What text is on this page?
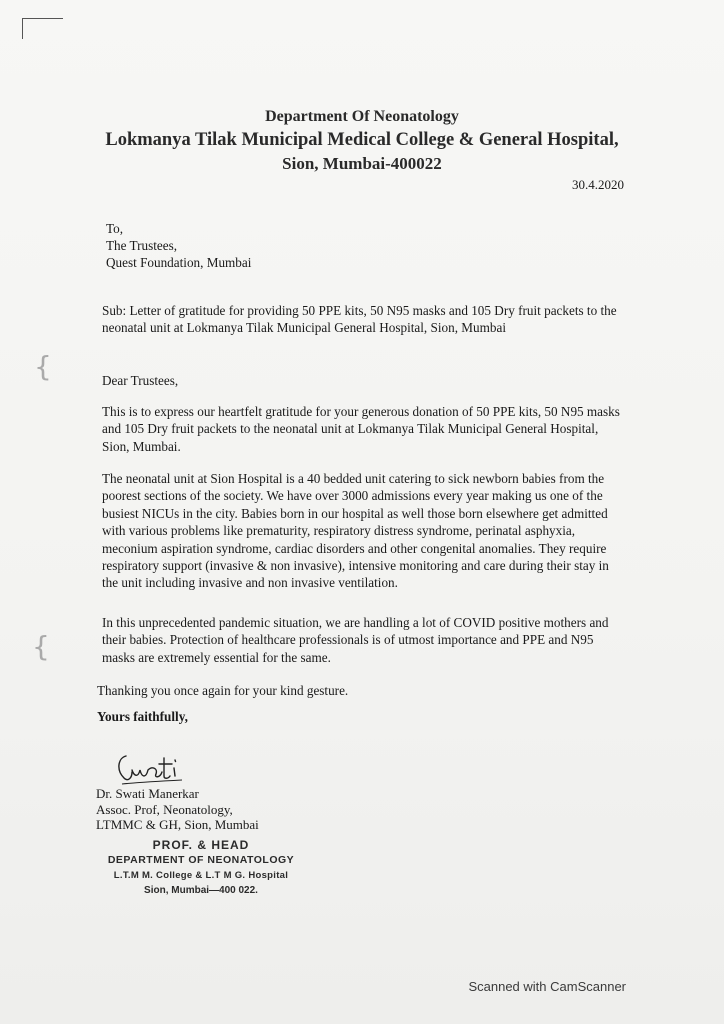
{
{
Department Of Neonatology
Lokmanya Tilak Municipal Medical College & General Hospital,
Sion, Mumbai-400022
30.4.2020
To,
The Trustees,
Quest Foundation, Mumbai
Sub: Letter of gratitude for providing 50 PPE kits, 50 N95 masks and 105 Dry fruit packets to the neonatal unit at Lokmanya Tilak Municipal General Hospital, Sion, Mumbai
Dear Trustees,
This is to express our heartfelt gratitude for your generous donation of 50 PPE kits, 50 N95 masks and 105 Dry fruit packets to the neonatal unit at Lokmanya Tilak Municipal General Hospital, Sion, Mumbai.
The neonatal unit at Sion Hospital is a 40 bedded unit catering to sick newborn babies from the poorest sections of the society. We have over 3000 admissions every year making us one of the busiest NICUs in the city. Babies born in our hospital as well those born elsewhere get admitted with various problems like prematurity, respiratory distress syndrome, perinatal asphyxia, meconium aspiration syndrome, cardiac disorders and other congenital anomalies. They require respiratory support (invasive & non invasive), intensive monitoring and care during their stay in the unit including invasive and non invasive ventilation.
In this unprecedented pandemic situation, we are handling a lot of COVID positive mothers and their babies. Protection of healthcare professionals is of utmost importance and PPE and N95 masks are extremely essential for the same.
Thanking you once again for your kind gesture.
Yours faithfully,
Dr. Swati Manerkar
Assoc. Prof, Neonatology,
LTMMC & GH, Sion, Mumbai
PROF. & HEAD
DEPARTMENT OF NEONATOLOGY
L.T.M M. College & L.T M G. Hospital
Sion, Mumbai—400 022.
Scanned with CamScanner
